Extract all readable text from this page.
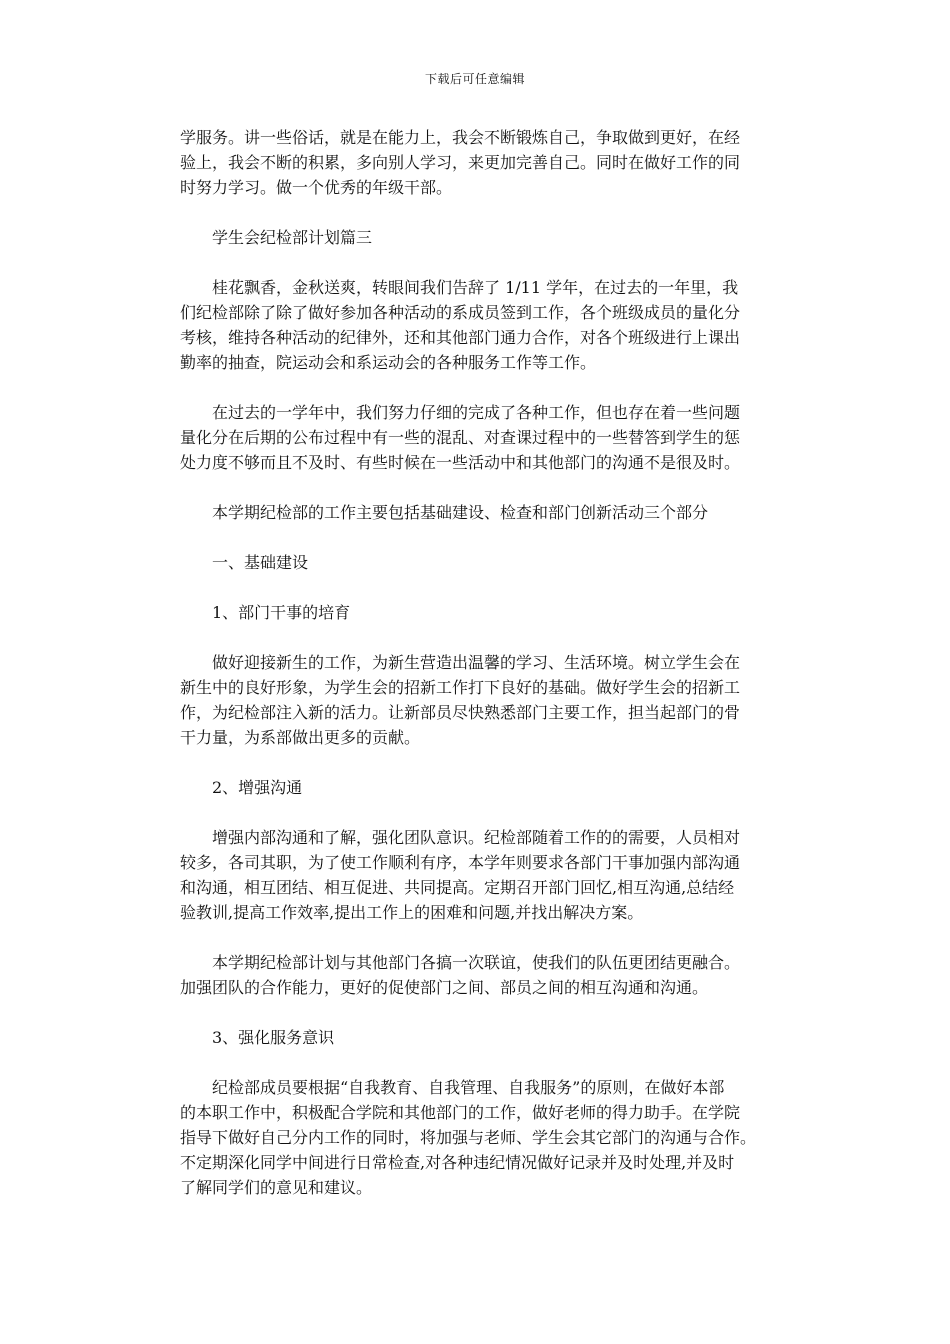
下载后可任意编辑

学服务。讲一些俗话，就是在能力上，我会不断锻炼自己，争取做到更好，在经
验上，我会不断的积累，多向别人学习，来更加完善自己。同时在做好工作的同
时努力学习。做一个优秀的年级干部。

学生会纪检部计划篇三

桂花飘香，金秋送爽，转眼间我们告辞了 1/11 学年，在过去的一年里，我
们纪检部除了除了做好参加各种活动的系成员签到工作，各个班级成员的量化分
考核，维持各种活动的纪律外，还和其他部门通力合作，对各个班级进行上课出
勤率的抽查，院运动会和系运动会的各种服务工作等工作。

在过去的一学年中，我们努力仔细的完成了各种工作，但也存在着一些问题
量化分在后期的公布过程中有一些的混乱、对查课过程中的一些替答到学生的惩
处力度不够而且不及时、有些时候在一些活动中和其他部门的沟通不是很及时。

本学期纪检部的工作主要包括基础建设、检查和部门创新活动三个部分

一、基础建设

1、部门干事的培育

做好迎接新生的工作，为新生营造出温馨的学习、生活环境。树立学生会在
新生中的良好形象，为学生会的招新工作打下良好的基础。做好学生会的招新工
作，为纪检部注入新的活力。让新部员尽快熟悉部门主要工作，担当起部门的骨
干力量，为系部做出更多的贡献。

2、增强沟通

增强内部沟通和了解，强化团队意识。纪检部随着工作的的需要，人员相对
较多，各司其职，为了使工作顺利有序，本学年则要求各部门干事加强内部沟通
和沟通，相互团结、相互促进、共同提高。定期召开部门回忆,相互沟通,总结经
验教训,提高工作效率,提出工作上的困难和问题,并找出解决方案。

本学期纪检部计划与其他部门各搞一次联谊，使我们的队伍更团结更融合。
加强团队的合作能力，更好的促使部门之间、部员之间的相互沟通和沟通。

3、强化服务意识

纪检部成员要根据“自我教育、自我管理、自我服务”的原则，在做好本部
的本职工作中，积极配合学院和其他部门的工作，做好老师的得力助手。在学院
指导下做好自己分内工作的同时，将加强与老师、学生会其它部门的沟通与合作。
不定期深化同学中间进行日常检查,对各种违纪情况做好记录并及时处理,并及时
了解同学们的意见和建议。
